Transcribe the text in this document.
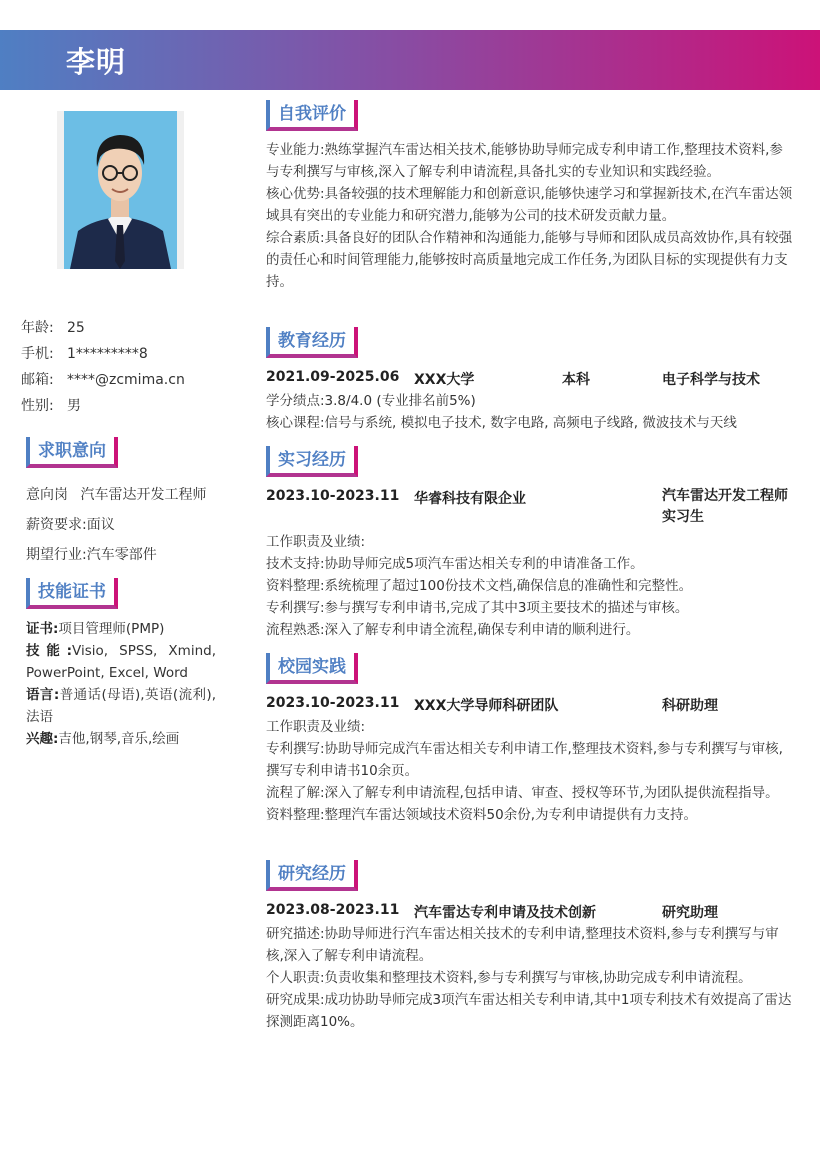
李明
年龄: 25
手机: 1*********8
邮箱: ****@zcmima.cn
性别: 男
求职意向
意向岗 汽车雷达开发工程师
薪资要求:面议
期望行业:汽车零部件
技能证书

证书:项目管理师(PMP)

技能:Visio, SPSS, Xmind, PowerPoint, Excel, Word

语言:普通话(母语),英语(流利),法语

兴趣:吉他,钢琴,音乐,绘画

自我评价

专业能力:熟练掌握汽车雷达相关技术,能够协助导师完成专利申请工作,整理技术资料,参与专利撰写与审核,深入了解专利申请流程,具备扎实的专业知识和实践经验。

核心优势:具备较强的技术理解能力和创新意识,能够快速学习和掌握新技术,在汽车雷达领域具有突出的专业能力和研究潜力,能够为公司的技术研发贡献力量。

综合素质:具备良好的团队合作精神和沟通能力,能够与导师和团队成员高效协作,具有较强的责任心和时间管理能力,能够按时高质量地完成工作任务,为团队目标的实现提供有力支持。

教育经历
2021.09-2025.06 XXX大学	本科	电子科学与技术

学分绩点:3.8/4.0 (专业排名前5%)

核心课程:信号与系统, 模拟电子技术, 数字电路, 高频电子线路, 微波技术与天线

实习经历
2023.10-2023.11 华睿科技有限企业	汽车雷达开发工程师实习生

工作职责及业绩:

技术支持:协助导师完成5项汽车雷达相关专利的申请准备工作。

资料整理:系统梳理了超过100份技术文档,确保信息的准确性和完整性。

专利撰写:参与撰写专利申请书,完成了其中3项主要技术的描述与审核。

流程熟悉:深入了解专利申请全流程,确保专利申请的顺利进行。

校园实践
2023.10-2023.11 XXX大学导师科研团队	科研助理

工作职责及业绩:

专利撰写:协助导师完成汽车雷达相关专利申请工作,整理技术资料,参与专利撰写与审核,撰写专利申请书10余页。

流程了解:深入了解专利申请流程,包括申请、审查、授权等环节,为团队提供流程指导。

资料整理:整理汽车雷达领域技术资料50余份,为专利申请提供有力支持。

研究经历
2023.08-2023.11 汽车雷达专利申请及技术创新	研究助理

研究描述:协助导师进行汽车雷达相关技术的专利申请,整理技术资料,参与专利撰写与审核,深入了解专利申请流程。

个人职责:负责收集和整理技术资料,参与专利撰写与审核,协助完成专利申请流程。

研究成果:成功协助导师完成3项汽车雷达相关专利申请,其中1项专利技术有效提高了雷达探测距离10%。
